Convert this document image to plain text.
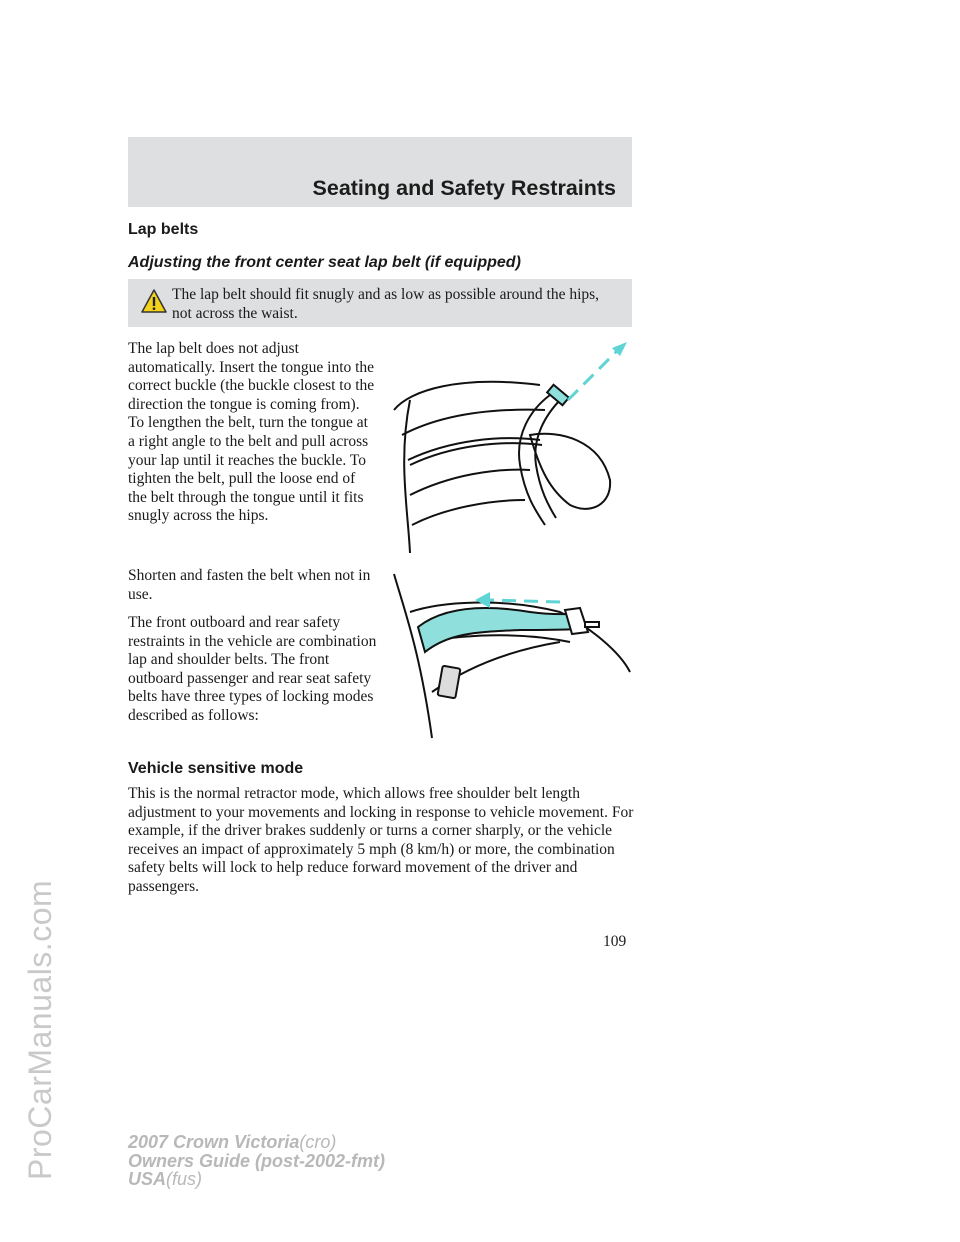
ProCarManuals.com
Seating and Safety Restraints
Lap belts
Adjusting the front center seat lap belt (if equipped)
The lap belt should fit snugly and as low as possible around the hips, not across the waist.
The lap belt does not adjust automatically. Insert the tongue into the correct buckle (the buckle closest to the direction the tongue is coming from). To lengthen the belt, turn the tongue at a right angle to the belt and pull across your lap until it reaches the buckle. To tighten the belt, pull the loose end of the belt through the tongue until it fits snugly across the hips.
Shorten and fasten the belt when not in use.
The front outboard and rear safety restraints in the vehicle are combination lap and shoulder belts. The front outboard passenger and rear seat safety belts have three types of locking modes described as follows:
Vehicle sensitive mode
This is the normal retractor mode, which allows free shoulder belt length adjustment to your movements and locking in response to vehicle movement. For example, if the driver brakes suddenly or turns a corner sharply, or the vehicle receives an impact of approximately 5 mph (8 km/h) or more, the combination safety belts will lock to help reduce forward movement of the driver and passengers.
109
2007 Crown Victoria(cro)
Owners Guide (post-2002-fmt)
USA(fus)
